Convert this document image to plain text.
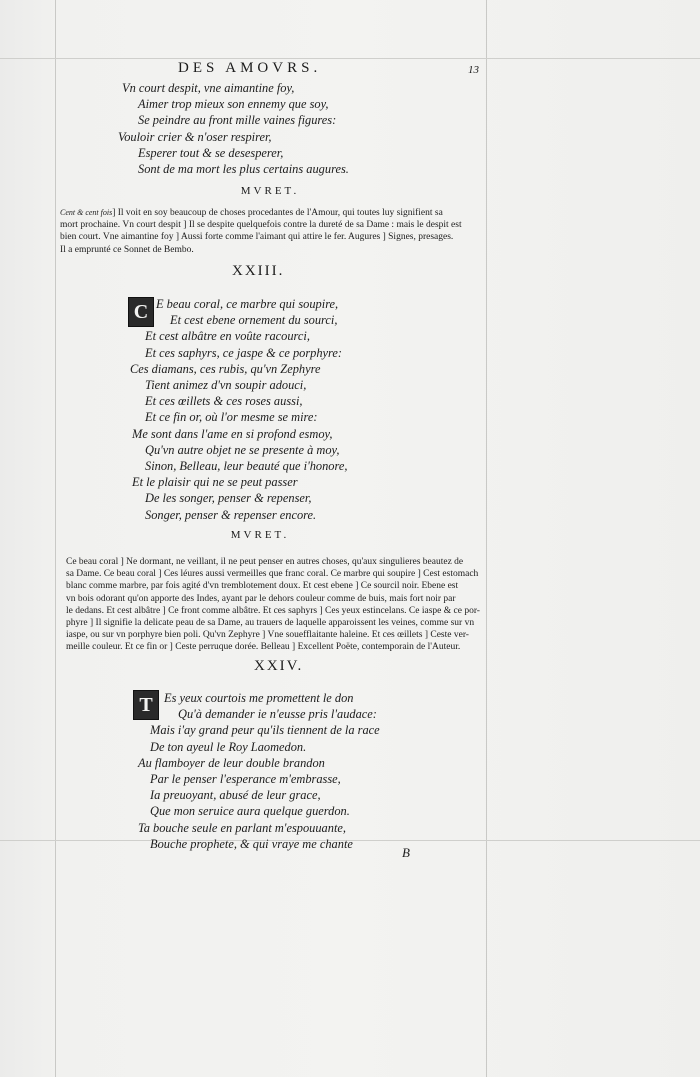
DES AMOVRS.	13
Vn court despit, vne aimantine foy,
Aimer trop mieux son ennemy que soy,
Se peindre au front mille vaines figures:
Vouloir crier & n'oser respirer,
Esperer tout & se desesperer,
Sont de ma mort les plus certains augures.
MVRET.
Cent & cent fois] Il voit en soy beaucoup de choses procedantes de l'Amour, qui toutes luy signifient sa
mort prochaine. Vn court despit ] Il se despite quelquefois contre la dureté de sa Dame : mais le despit est
bien court. Vne aimantine foy ] Aussi forte comme l'aimant qui attire le fer. Augures ] Signes, presages.
Il a emprunté ce Sonnet de Bembo.
XXIII.
C E beau coral, ce marbre qui soupire,
Et cest ebene ornement du sourci,
Et cest albâtre en voûte racourci,
Et ces saphyrs, ce jaspe & ce porphyre:
Ces diamans, ces rubis, qu'vn Zephyre
Tient animez d'vn soupir adouci,
Et ces œillets & ces roses aussi,
Et ce fin or, où l'or mesme se mire:
Me sont dans l'ame en si profond esmoy,
Qu'vn autre objet ne se presente à moy,
Sinon, Belleau, leur beauté que i'honore,
Et le plaisir qui ne se peut passer
De les songer, penser & repenser,
Songer, penser & repenser encore.
MVRET.
Ce beau coral ] Ne dormant, ne veillant, il ne peut penser en autres choses, qu'aux singulieres beautez de
sa Dame. Ce beau coral ] Ces léures aussi vermeilles que franc coral. Ce marbre qui soupire ] Cest estomach
blanc comme marbre, par fois agité d'vn tremblotement doux. Et cest ebene ] Ce sourcil noir. Ebene est
vn bois odorant qu'on apporte des Indes, ayant par le dehors couleur comme de buis, mais fort noir par
le dedans. Et cest albâtre ] Ce front comme albâtre. Et ces saphyrs ] Ces yeux estincelans. Ce iaspe & ce por-
phyre ] Il signifie la delicate peau de sa Dame, au trauers de laquelle apparoissent les veines, comme sur vn
iaspe, ou sur vn porphyre bien poli. Qu'vn Zephyre ] Vne souefflaitante haleine. Et ces œillets ] Ceste ver-
meille couleur. Et ce fin or ] Ceste perruque dorée. Belleau ] Excellent Poëte, contemporain de l'Auteur.
XXIV.
T Es yeux courtois me promettent le don
Qu'à demander ie n'eusse pris l'audace:
Mais i'ay grand peur qu'ils tiennent de la race
De ton ayeul le Roy Laomedon.
Au flamboyer de leur double brandon
Par le penser l'esperance m'embrasse,
Ia preuoyant, abusé de leur grace,
Que mon seruice aura quelque guerdon.
Ta bouche seule en parlant m'espouuante,
Bouche prophete, & qui vraye me chante
B
